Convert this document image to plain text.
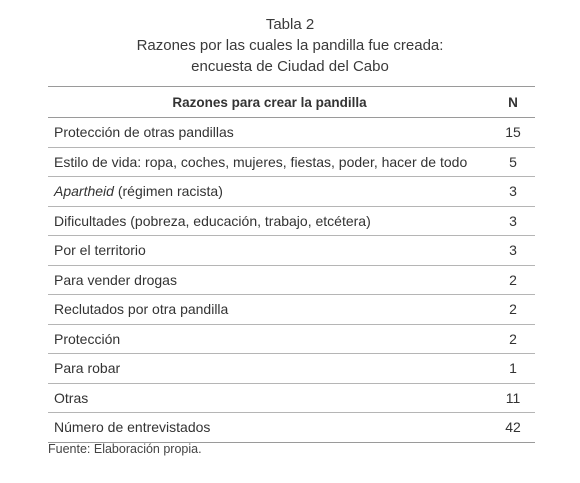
Tabla 2
Razones por las cuales la pandilla fue creada:
encuesta de Ciudad del Cabo
Razones para crear la pandilla	N
Protección de otras pandillas	15
Estilo de vida: ropa, coches, mujeres, fiestas, poder, hacer de todo	5
Apartheid (régimen racista)	3
Dificultades (pobreza, educación, trabajo, etcétera)	3
Por el territorio	3
Para vender drogas	2
Reclutados por otra pandilla	2
Protección	2
Para robar	1
Otras	11
Número de entrevistados	42
Fuente: Elaboración propia.
